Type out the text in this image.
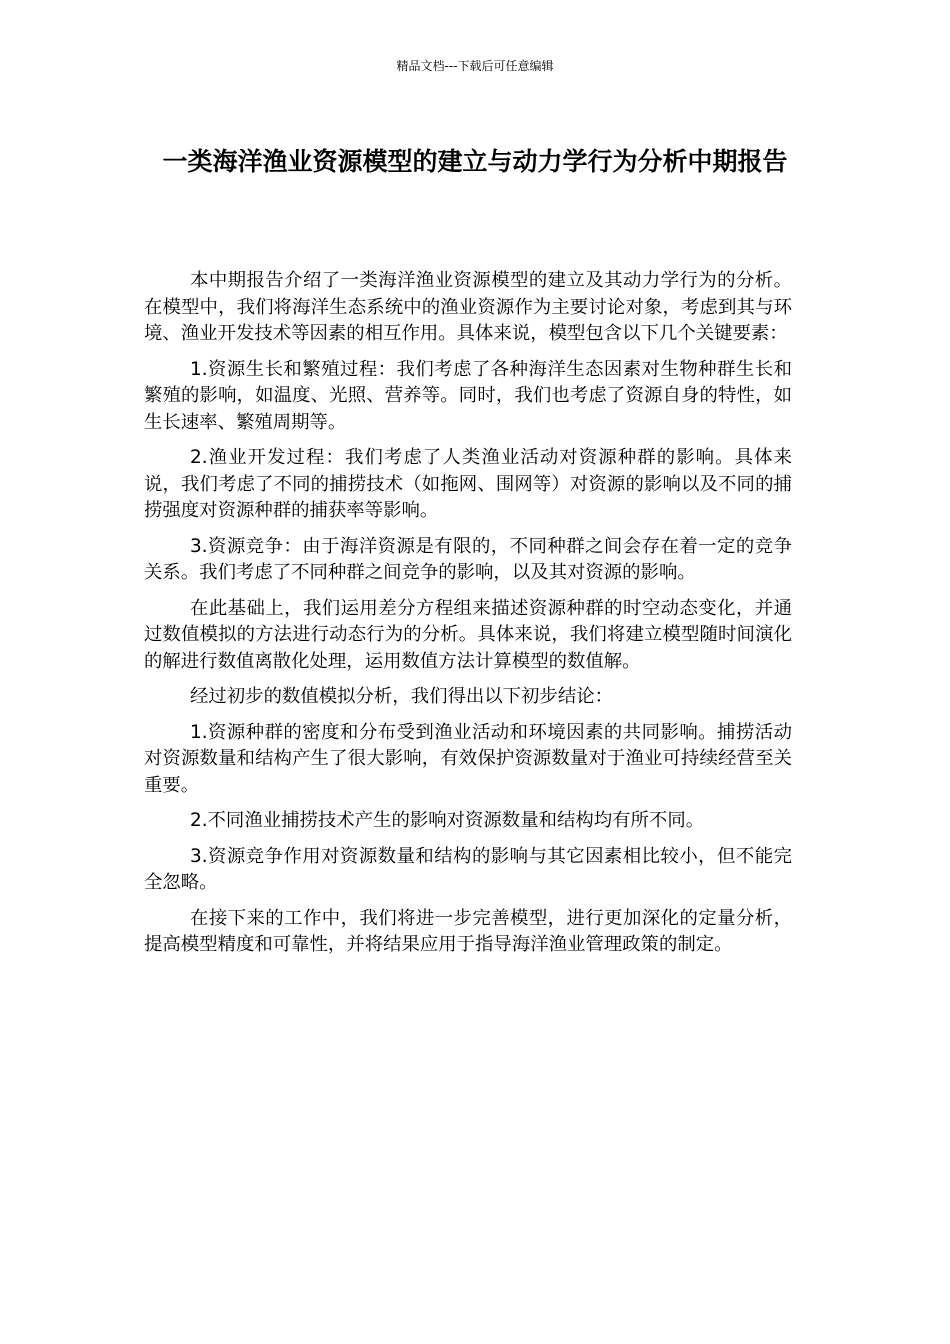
精品文档---下载后可任意编辑
一类海洋渔业资源模型的建立与动力学行为分析中期报告

本中期报告介绍了一类海洋渔业资源模型的建立及其动力学行为的分析。在模型中，我们将海洋生态系统中的渔业资源作为主要讨论对象，考虑到其与环境、渔业开发技术等因素的相互作用。具体来说，模型包含以下几个关键要素：

1.资源生长和繁殖过程：我们考虑了各种海洋生态因素对生物种群生长和繁殖的影响，如温度、光照、营养等。同时，我们也考虑了资源自身的特性，如生长速率、繁殖周期等。

2.渔业开发过程：我们考虑了人类渔业活动对资源种群的影响。具体来说，我们考虑了不同的捕捞技术（如拖网、围网等）对资源的影响以及不同的捕捞强度对资源种群的捕获率等影响。

3.资源竞争：由于海洋资源是有限的，不同种群之间会存在着一定的竞争关系。我们考虑了不同种群之间竞争的影响，以及其对资源的影响。

在此基础上，我们运用差分方程组来描述资源种群的时空动态变化，并通过数值模拟的方法进行动态行为的分析。具体来说，我们将建立模型随时间演化的解进行数值离散化处理，运用数值方法计算模型的数值解。

经过初步的数值模拟分析，我们得出以下初步结论：

1.资源种群的密度和分布受到渔业活动和环境因素的共同影响。捕捞活动对资源数量和结构产生了很大影响，有效保护资源数量对于渔业可持续经营至关重要。

2.不同渔业捕捞技术产生的影响对资源数量和结构均有所不同。

3.资源竞争作用对资源数量和结构的影响与其它因素相比较小，但不能完全忽略。

在接下来的工作中，我们将进一步完善模型，进行更加深化的定量分析，提高模型精度和可靠性，并将结果应用于指导海洋渔业管理政策的制定。
